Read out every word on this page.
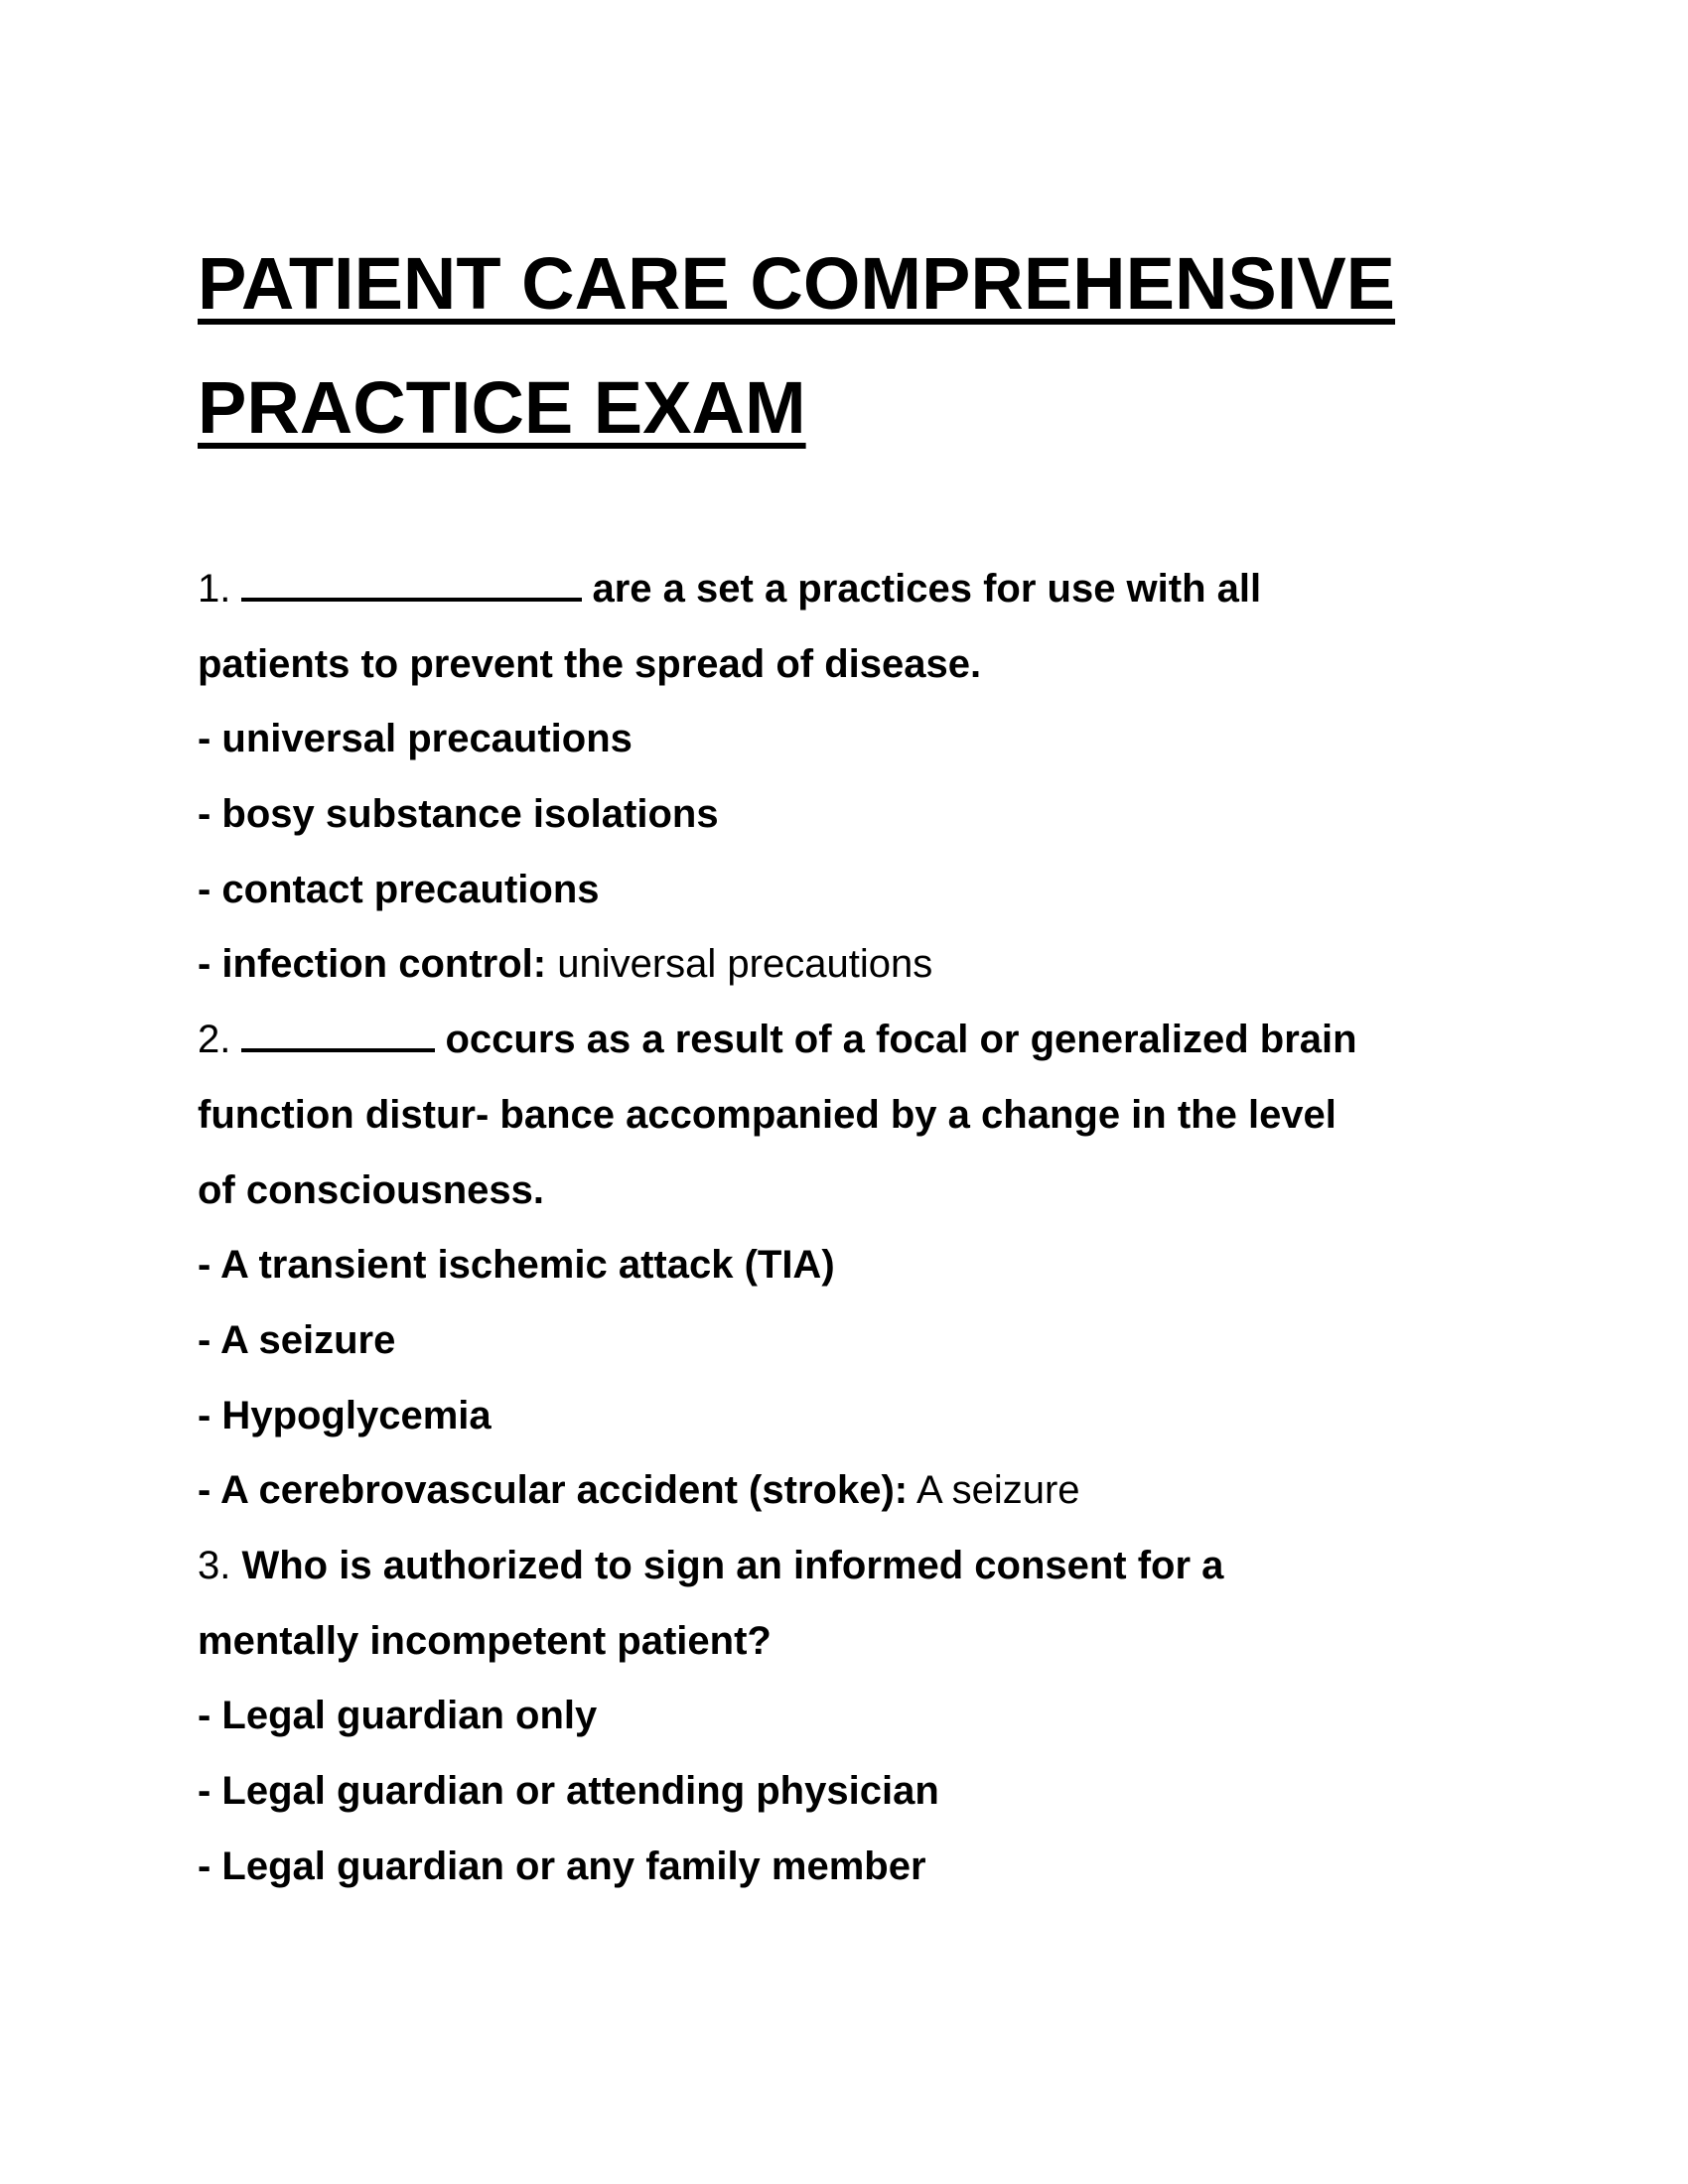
PATIENT CARE COMPREHENSIVE
PRACTICE EXAM
1.	are a set a practices for use with all
patients to prevent the spread of disease.
- universal precautions
- bosy substance isolations
- contact precautions
- infection control: universal precautions
2.	occurs as a result of a focal or generalized brain
function distur- bance accompanied by a change in the level
of consciousness.
- A transient ischemic attack (TIA)
- A seizure
- Hypoglycemia
- A cerebrovascular accident (stroke): A seizure
3. Who is authorized to sign an informed consent for a
mentally incompetent patient?
- Legal guardian only
- Legal guardian or attending physician
- Legal guardian or any family member
